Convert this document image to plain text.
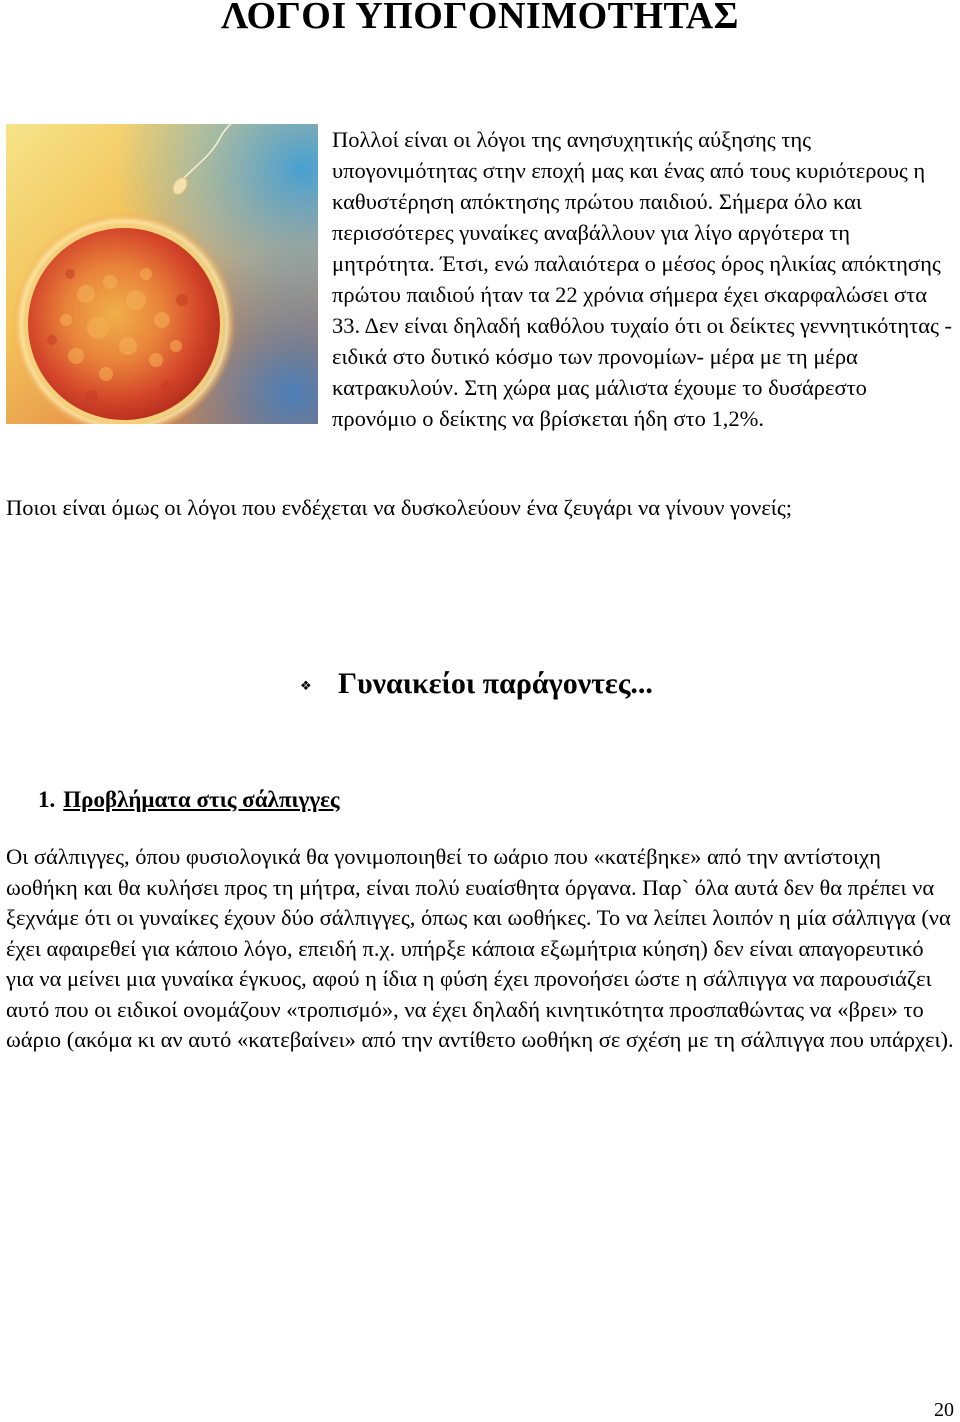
ΛΟΓΟΙ ΥΠΟΓΟΝΙΜΟΤΗΤΑΣ

Πολλοί είναι οι λόγοι της ανησυχητικής αύξησης της υπογονιμότητας στην εποχή μας και ένας από τους κυριότερους η καθυστέρηση απόκτησης πρώτου παιδιού. Σήμερα όλο και περισσότερες γυναίκες αναβάλλουν για λίγο αργότερα τη μητρότητα. Έτσι, ενώ παλαιότερα ο μέσος όρος ηλικίας απόκτησης πρώτου παιδιού ήταν τα 22 χρόνια σήμερα έχει σκαρφαλώσει στα 33. Δεν είναι δηλαδή καθόλου τυχαίο ότι οι δείκτες γεννητικότητας - ειδικά στο δυτικό κόσμο των προνομίων- μέρα με τη μέρα κατρακυλούν. Στη χώρα μας μάλιστα έχουμε το δυσάρεστο προνόμιο ο δείκτης να βρίσκεται ήδη στο 1,2%.

Ποιοι είναι όμως οι λόγοι που ενδέχεται να δυσκολεύουν ένα ζευγάρι να γίνουν γονείς;

❖ Γυναικείοι παράγοντες...
1. Προβλήματα στις σάλπιγγες

Οι σάλπιγγες, όπου φυσιολογικά θα γονιμοποιηθεί το ωάριο που «κατέβηκε» από την αντίστοιχη ωοθήκη και θα κυλήσει προς τη μήτρα, είναι πολύ ευαίσθητα όργανα. Παρ` όλα αυτά δεν θα πρέπει να ξεχνάμε ότι οι γυναίκες έχουν δύο σάλπιγγες, όπως και ωοθήκες. Το να λείπει λοιπόν η μία σάλπιγγα (να έχει αφαιρεθεί για κάποιο λόγο, επειδή π.χ. υπήρξε κάποια εξωμήτρια κύηση) δεν είναι απαγορευτικό για να μείνει μια γυναίκα έγκυος, αφού η ίδια η φύση έχει προνοήσει ώστε η σάλπιγγα να παρουσιάζει αυτό που οι ειδικοί ονομάζουν «τροπισμό», να έχει δηλαδή κινητικότητα προσπαθώντας να «βρει» το ωάριο (ακόμα κι αν αυτό «κατεβαίνει» από την αντίθετο ωοθήκη σε σχέση με τη σάλπιγγα που υπάρχει).

20
